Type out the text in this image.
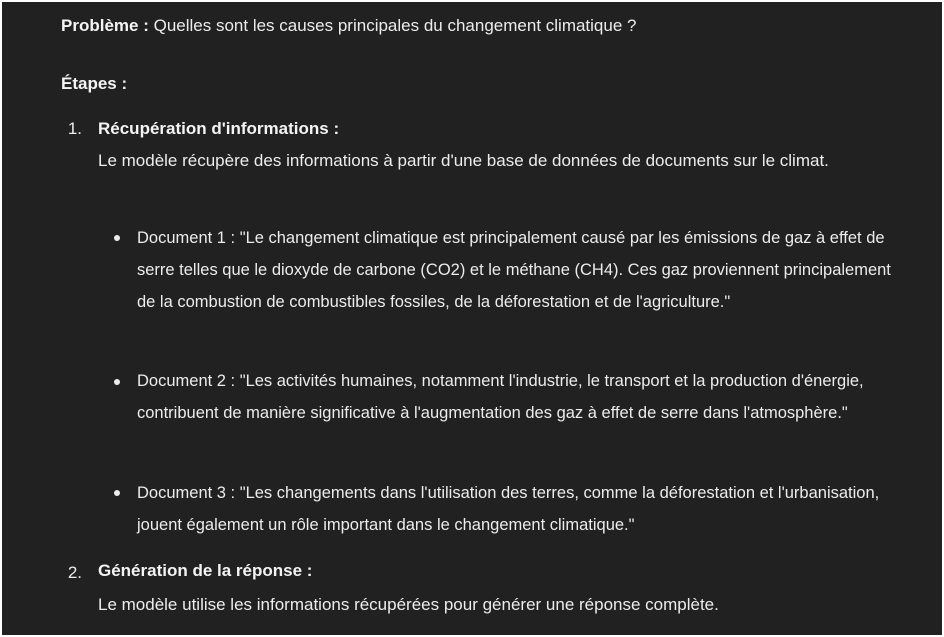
Problème : Quelles sont les causes principales du changement climatique ?
Étapes :
1. Récupération d'informations :
Le modèle récupère des informations à partir d'une base de données de documents sur le climat.
Document 1 : "Le changement climatique est principalement causé par les émissions de gaz à effet de serre telles que le dioxyde de carbone (CO2) et le méthane (CH4). Ces gaz proviennent principalement de la combustion de combustibles fossiles, de la déforestation et de l'agriculture."
Document 2 : "Les activités humaines, notamment l'industrie, le transport et la production d'énergie, contribuent de manière significative à l'augmentation des gaz à effet de serre dans l'atmosphère."
Document 3 : "Les changements dans l'utilisation des terres, comme la déforestation et l'urbanisation, jouent également un rôle important dans le changement climatique."
2. Génération de la réponse :
Le modèle utilise les informations récupérées pour générer une réponse complète.
